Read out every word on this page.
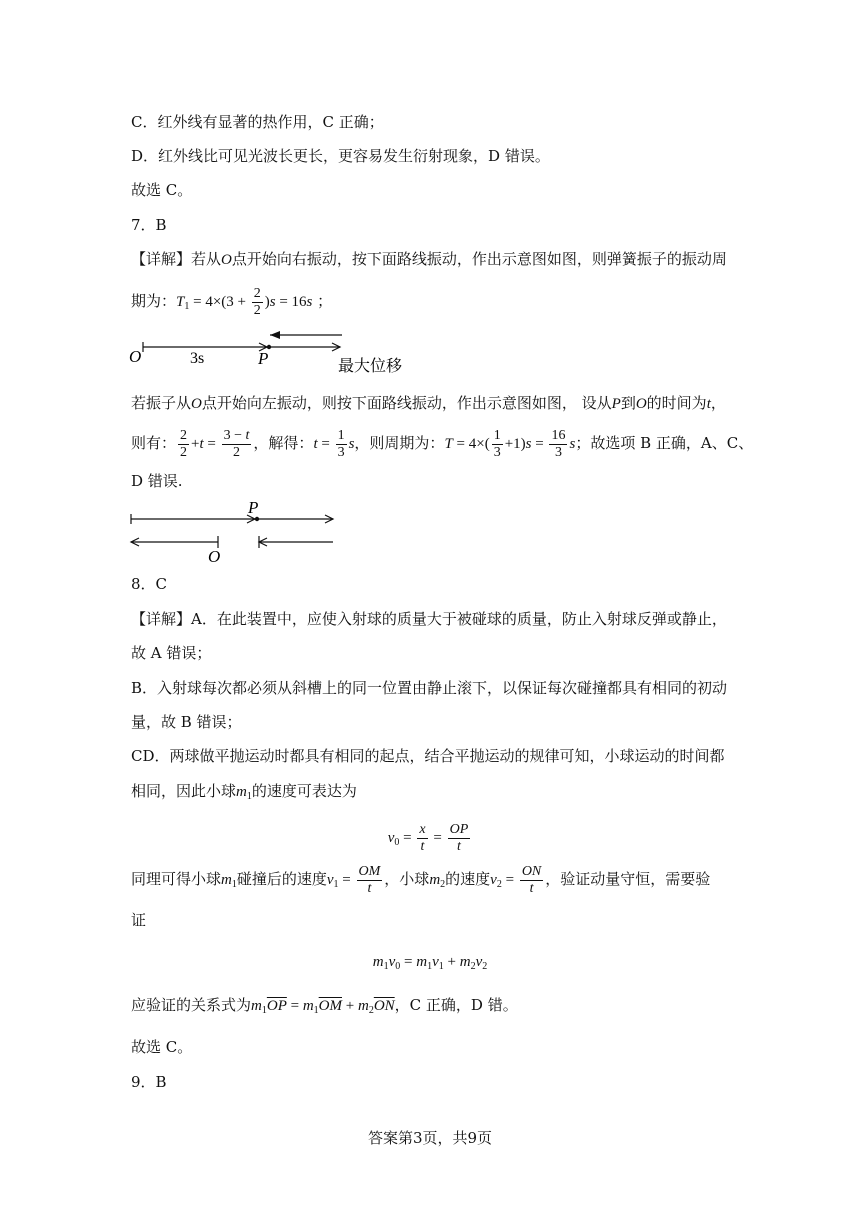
C．红外线有显著的热作用，C 正确；
D．红外线比可见光波长更长，更容易发生衍射现象，D 错误。
故选 C。
7．B
【详解】若从O点开始向右振动，按下面路线振动，作出示意图如图，则弹簧振子的振动周
期为：$T_1 = 4\times(3 + \frac{2}{2} )s = 16s$ ；
O	3s	P	最大位移
若振子从O点开始向左振动，则按下面路线振动，作出示意图如图， 设从P到O的时间为t，
则有： $\frac{2}{2} +t = \frac{3 - t}{2}$ ，解得：$t = \frac{1}{3}$ s，则周期为：$T = 4\times( \frac{1}{3} +1)s = \frac{16}{3}$ s；故选项 B 正确，A、C、
D 错误.
P
O
8．C
【详解】A．在此装置中，应使入射球的质量大于被碰球的质量，防止入射球反弹或静止，
故 A 错误；
B．入射球每次都必须从斜槽上的同一位置由静止滚下，以保证每次碰撞都具有相同的初动
量，故 B 错误；
CD．两球做平抛运动时都具有相同的起点，结合平抛运动的规律可知，小球运动的时间都
相同，因此小球$m_1$的速度可表达为
$v_0 = \frac{x}{t} = \frac{OP}{t}$
同理可得小球$m_1$碰撞后的速度$v_1 = \frac{OM}{t}$ ，小球$m_2$的速度$v_2 = \frac{ON}{t}$ ，验证动量守恒，需要验
证
$m_1v_0 = m_1v_1 + m_2v_2$
应验证的关系式为$m_1\overline{OP} = m_1\overline{OM} + m_2\overline{ON}$，C 正确，D 错。
故选 C。
9．B
答案第3页，共9页
